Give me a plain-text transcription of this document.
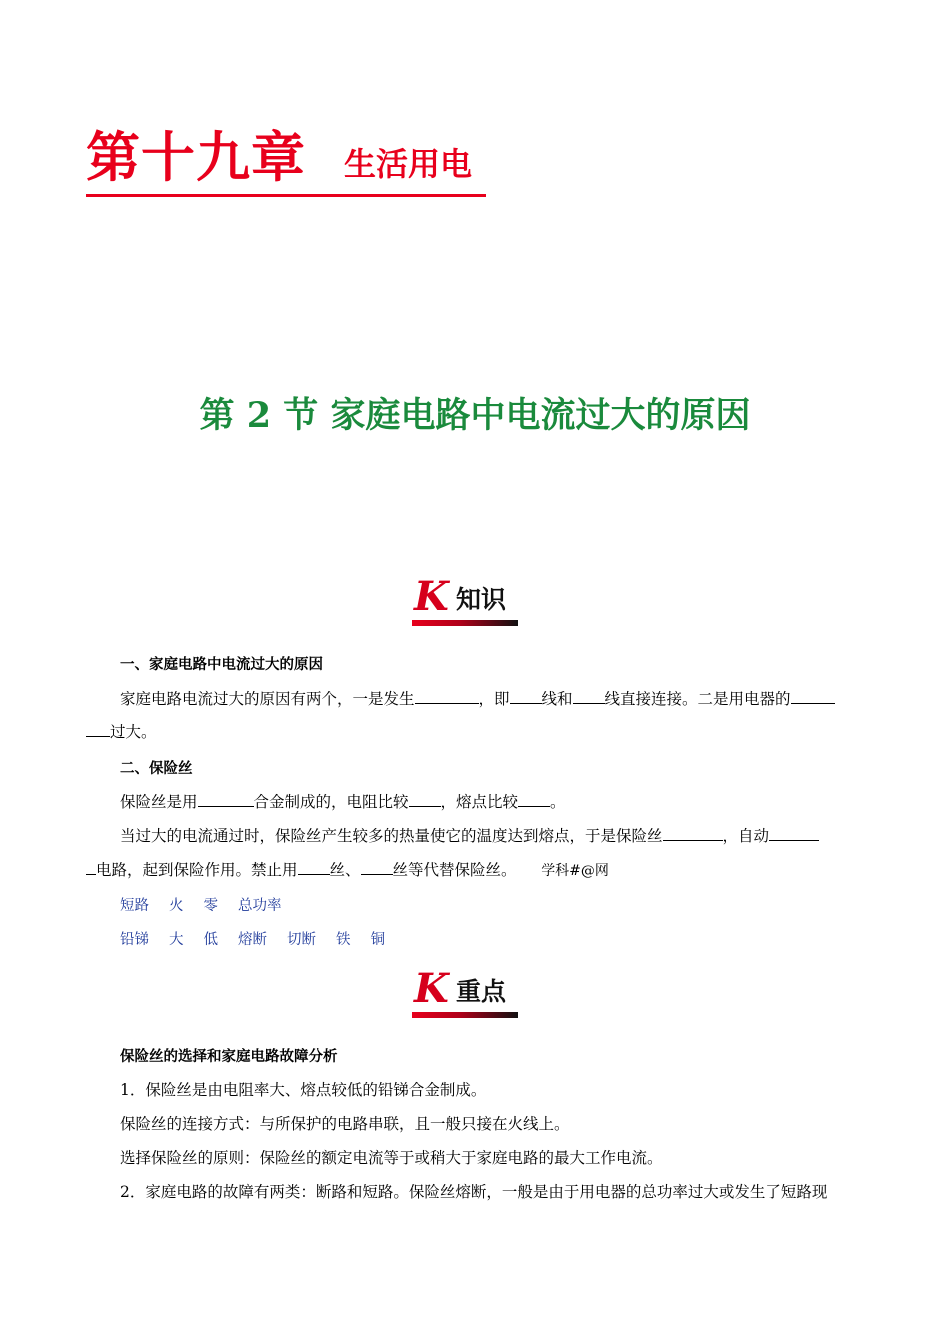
第十九章 生活用电
第 2 节 家庭电路中电流过大的原因
K 知识
一、家庭电路中电流过大的原因
家庭电路电流过大的原因有两个，一是发生	，即 线和 线直接连接。二是用电器的
过大。
二、保险丝
保险丝是用	合金制成的，电阻比较 ，熔点比较 。
当过大的电流通过时，保险丝产生较多的热量使它的温度达到熔点，于是保险丝	，自动
电路，起到保险作用。禁止用 丝、 丝等代替保险丝。 学科#@网
短路 火 零 总功率
铅锑 大 低 熔断 切断 铁 铜
K 重点
保险丝的选择和家庭电路故障分析
1．保险丝是由电阻率大、熔点较低的铅锑合金制成。
保险丝的连接方式：与所保护的电路串联，且一般只接在火线上。
选择保险丝的原则：保险丝的额定电流等于或稍大于家庭电路的最大工作电流。
2．家庭电路的故障有两类：断路和短路。保险丝熔断，一般是由于用电器的总功率过大或发生了短路现
